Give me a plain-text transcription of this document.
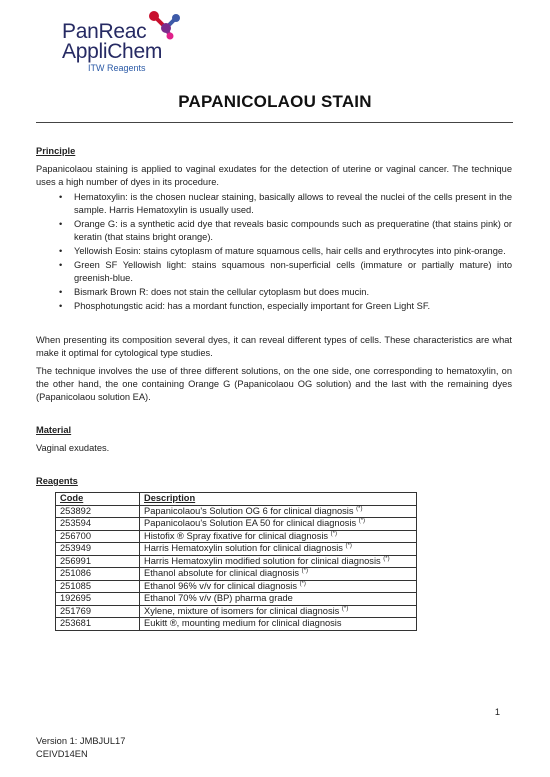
PanReac
AppliChem
ITW Reagents
PAPANICOLAOU STAIN
Principle

Papanicolaou staining is applied to vaginal exudates for the detection of uterine or vaginal cancer. The technique uses a high number of dyes in its procedure.

• Hematoxylin: is the chosen nuclear staining, basically allows to reveal the nuclei of the cells present in the sample. Harris Hematoxylin is usually used.
• Orange G: is a synthetic acid dye that reveals basic compounds such as prequeratine (that stains pink) or keratin (that stains bright orange).
• Yellowish Eosin: stains cytoplasm of mature squamous cells, hair cells and erythrocytes into pink-orange.
• Green SF Yellowish light: stains squamous non-superficial cells (immature or partially mature) into greenish-blue.
• Bismark Brown R: does not stain the cellular cytoplasm but does mucin.
• Phosphotungstic acid: has a mordant function, especially important for Green Light SF.

When presenting its composition several dyes, it can reveal different types of cells. These characteristics are what make it optimal for cytological type studies.

The technique involves the use of three different solutions, on the one side, one corresponding to hematoxylin, on the other hand, the one containing Orange G (Papanicolaou OG solution) and the last with the remaining dyes (Papanicolaou solution EA).

Material

Vaginal exudates.

Reagents
Code	Description
253892	Papanicolaou's Solution OG 6 for clinical diagnosis (*)
253594	Papanicolaou's Solution EA 50 for clinical diagnosis (*)
256700	Histofix ® Spray fixative for clinical diagnosis (*)
253949	Harris Hematoxylin solution for clinical diagnosis (*)
256991	Harris Hematoxylin modified solution for clinical diagnosis (*)
251086	Ethanol absolute for clinical diagnosis (*)
251085	Ethanol 96% v/v for clinical diagnosis (*)
192695	Ethanol 70% v/v (BP) pharma grade
251769	Xylene, mixture of isomers for clinical diagnosis (*)
253681	Eukitt ®, mounting medium for clinical diagnosis
1
Version 1: JMBJUL17
CEIVD14EN
